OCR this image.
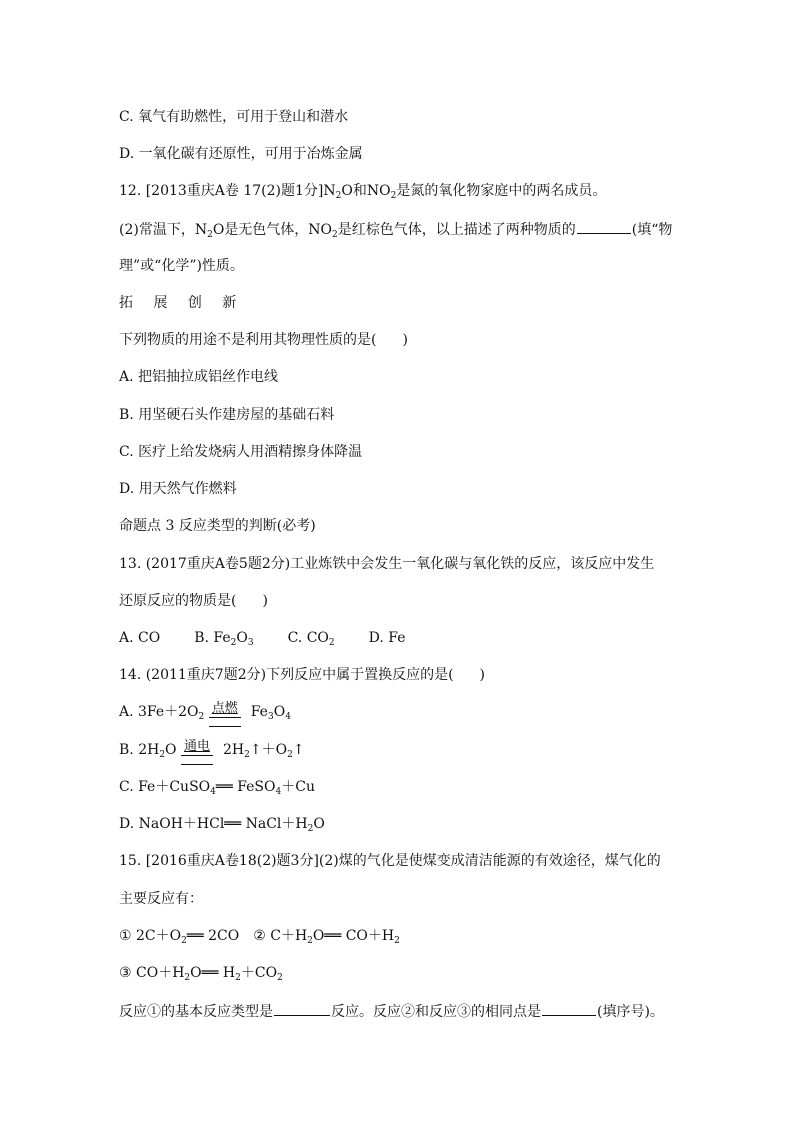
C. 氧气有助燃性，可用于登山和潜水
D. 一氧化碳有还原性，可用于冶炼金属
12. [2013重庆A卷 17(2)题1分]$N_2O$和$NO_2$是氮的氧化物家庭中的两名成员。
(2)常温下，$N_2O$是无色气体，$NO_2$是红棕色气体，以上描述了两种物质的	(填“物
理”或“化学”)性质。
拓 展 创 新
下列物质的用途不是利用其物理性质的是( )
A. 把铝抽拉成铝丝作电线
B. 用坚硬石头作建房屋的基础石料
C. 医疗上给发烧病人用酒精擦身体降温
D. 用天然气作燃料
命题点 3 反应类型的判断(必考)
13. (2017重庆A卷5题2分)工业炼铁中会发生一氧化碳与氧化铁的反应，该反应中发生
还原反应的物质是( )
A. CO B. $Fe_2O_3$ C. $CO_2$ D. Fe
14. (2011重庆7题2分)下列反应中属于置换反应的是( )
A. $3Fe+2O_2$
点燃 $Fe_3O_4$
B. $2H_2O$ 通电 $2H_2↑+O_2↑$
C. Fe＋CuSO$_4$══ FeSO$_4$＋Cu
D. NaOH＋HCl══ $NaCl+H_2O$
15. [2016重庆A卷18(2)题3分](2)煤的气化是使煤变成清洁能源的有效途径，煤气化的
主要反应有：
① $2C+O_2══$ 2CO ② $C+H_2O══$ $CO+H_2$
③ $CO+H_2O══$ $H_2+CO_2$
反应①的基本反应类型是	反应。反应②和反应③的相同点是	(填序号)。
